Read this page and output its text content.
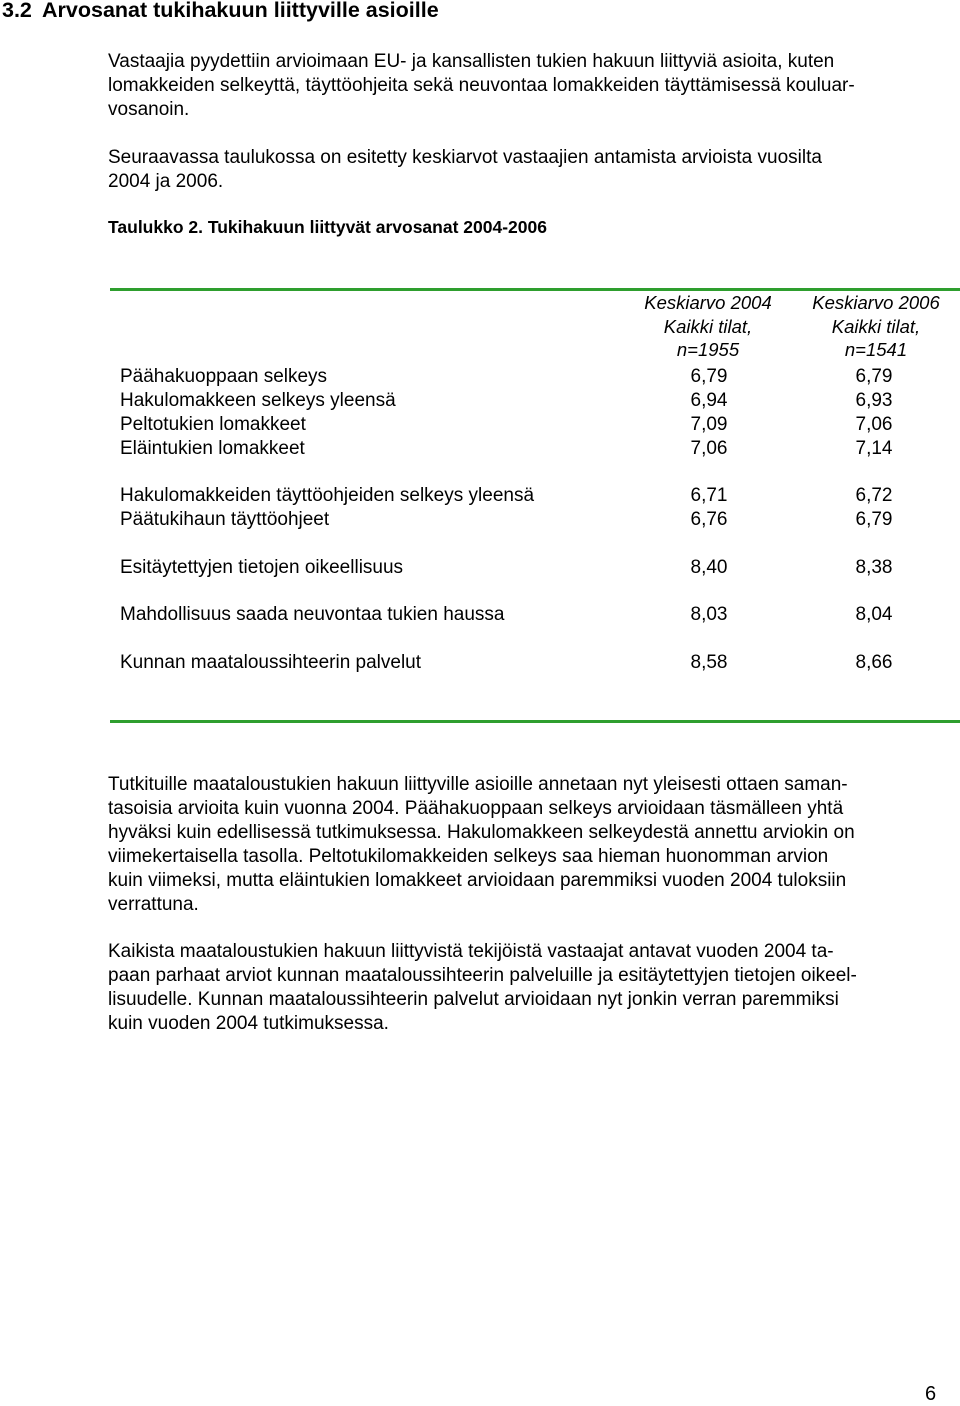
3.2 Arvosanat tukihakuun liittyville asioille
Vastaajia pyydettiin arvioimaan EU- ja kansallisten tukien hakuun liittyviä asioita, kuten
lomakkeiden selkeyttä, täyttöohjeita sekä neuvontaa lomakkeiden täyttämisessä kouluar-
vosanoin.
Seuraavassa taulukossa on esitetty keskiarvot vastaajien antamista arvioista vuosilta
2004 ja 2006.
Taulukko 2. Tukihakuun liittyvät arvosanat 2004-2006
Keskiarvo 2004
Kaikki tilat,
n=1955
Keskiarvo 2006
Kaikki tilat,
n=1541
Päähakuoppaan selkeys	6,79	6,79
Hakulomakkeen selkeys yleensä	6,94	6,93
Peltotukien lomakkeet	7,09	7,06
Eläintukien lomakkeet	7,06	7,14
Hakulomakkeiden täyttöohjeiden selkeys yleensä	6,71	6,72
Päätukihaun täyttöohjeet	6,76	6,79
Esitäytettyjen tietojen oikeellisuus	8,40	8,38
Mahdollisuus saada neuvontaa tukien haussa	8,03	8,04
Kunnan maataloussihteerin palvelut	8,58	8,66
Tutkituille maataloustukien hakuun liittyville asioille annetaan nyt yleisesti ottaen saman-
tasoisia arvioita kuin vuonna 2004. Päähakuoppaan selkeys arvioidaan täsmälleen yhtä
hyväksi kuin edellisessä tutkimuksessa. Hakulomakkeen selkeydestä annettu arviokin on
viimekertaisella tasolla. Peltotukilomakkeiden selkeys saa hieman huonomman arvion
kuin viimeksi, mutta eläintukien lomakkeet arvioidaan paremmiksi vuoden 2004 tuloksiin
verrattuna.
Kaikista maataloustukien hakuun liittyvistä tekijöistä vastaajat antavat vuoden 2004 ta-
paan parhaat arviot kunnan maataloussihteerin palveluille ja esitäytettyjen tietojen oikeel-
lisuudelle. Kunnan maataloussihteerin palvelut arvioidaan nyt jonkin verran paremmiksi
kuin vuoden 2004 tutkimuksessa.
6
